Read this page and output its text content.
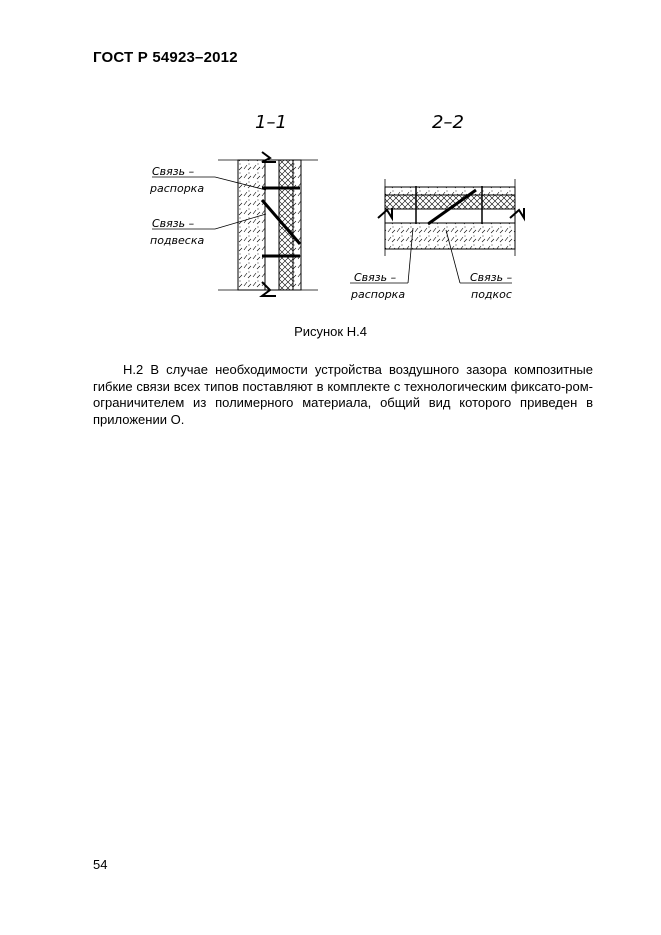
ГОСТ Р 54923–2012
1–1
Связь –
распорка
Связь –
подвеска
2–2
Связь –
распорка
Связь –
подкос
Рисунок Н.4

Н.2 В случае необходимости устройства воздушного зазора композитные гибкие связи всех типов поставляют в комплекте с технологическим фиксато-ром-ограничителем из полимерного материала, общий вид которого приведен в приложении О.

54
